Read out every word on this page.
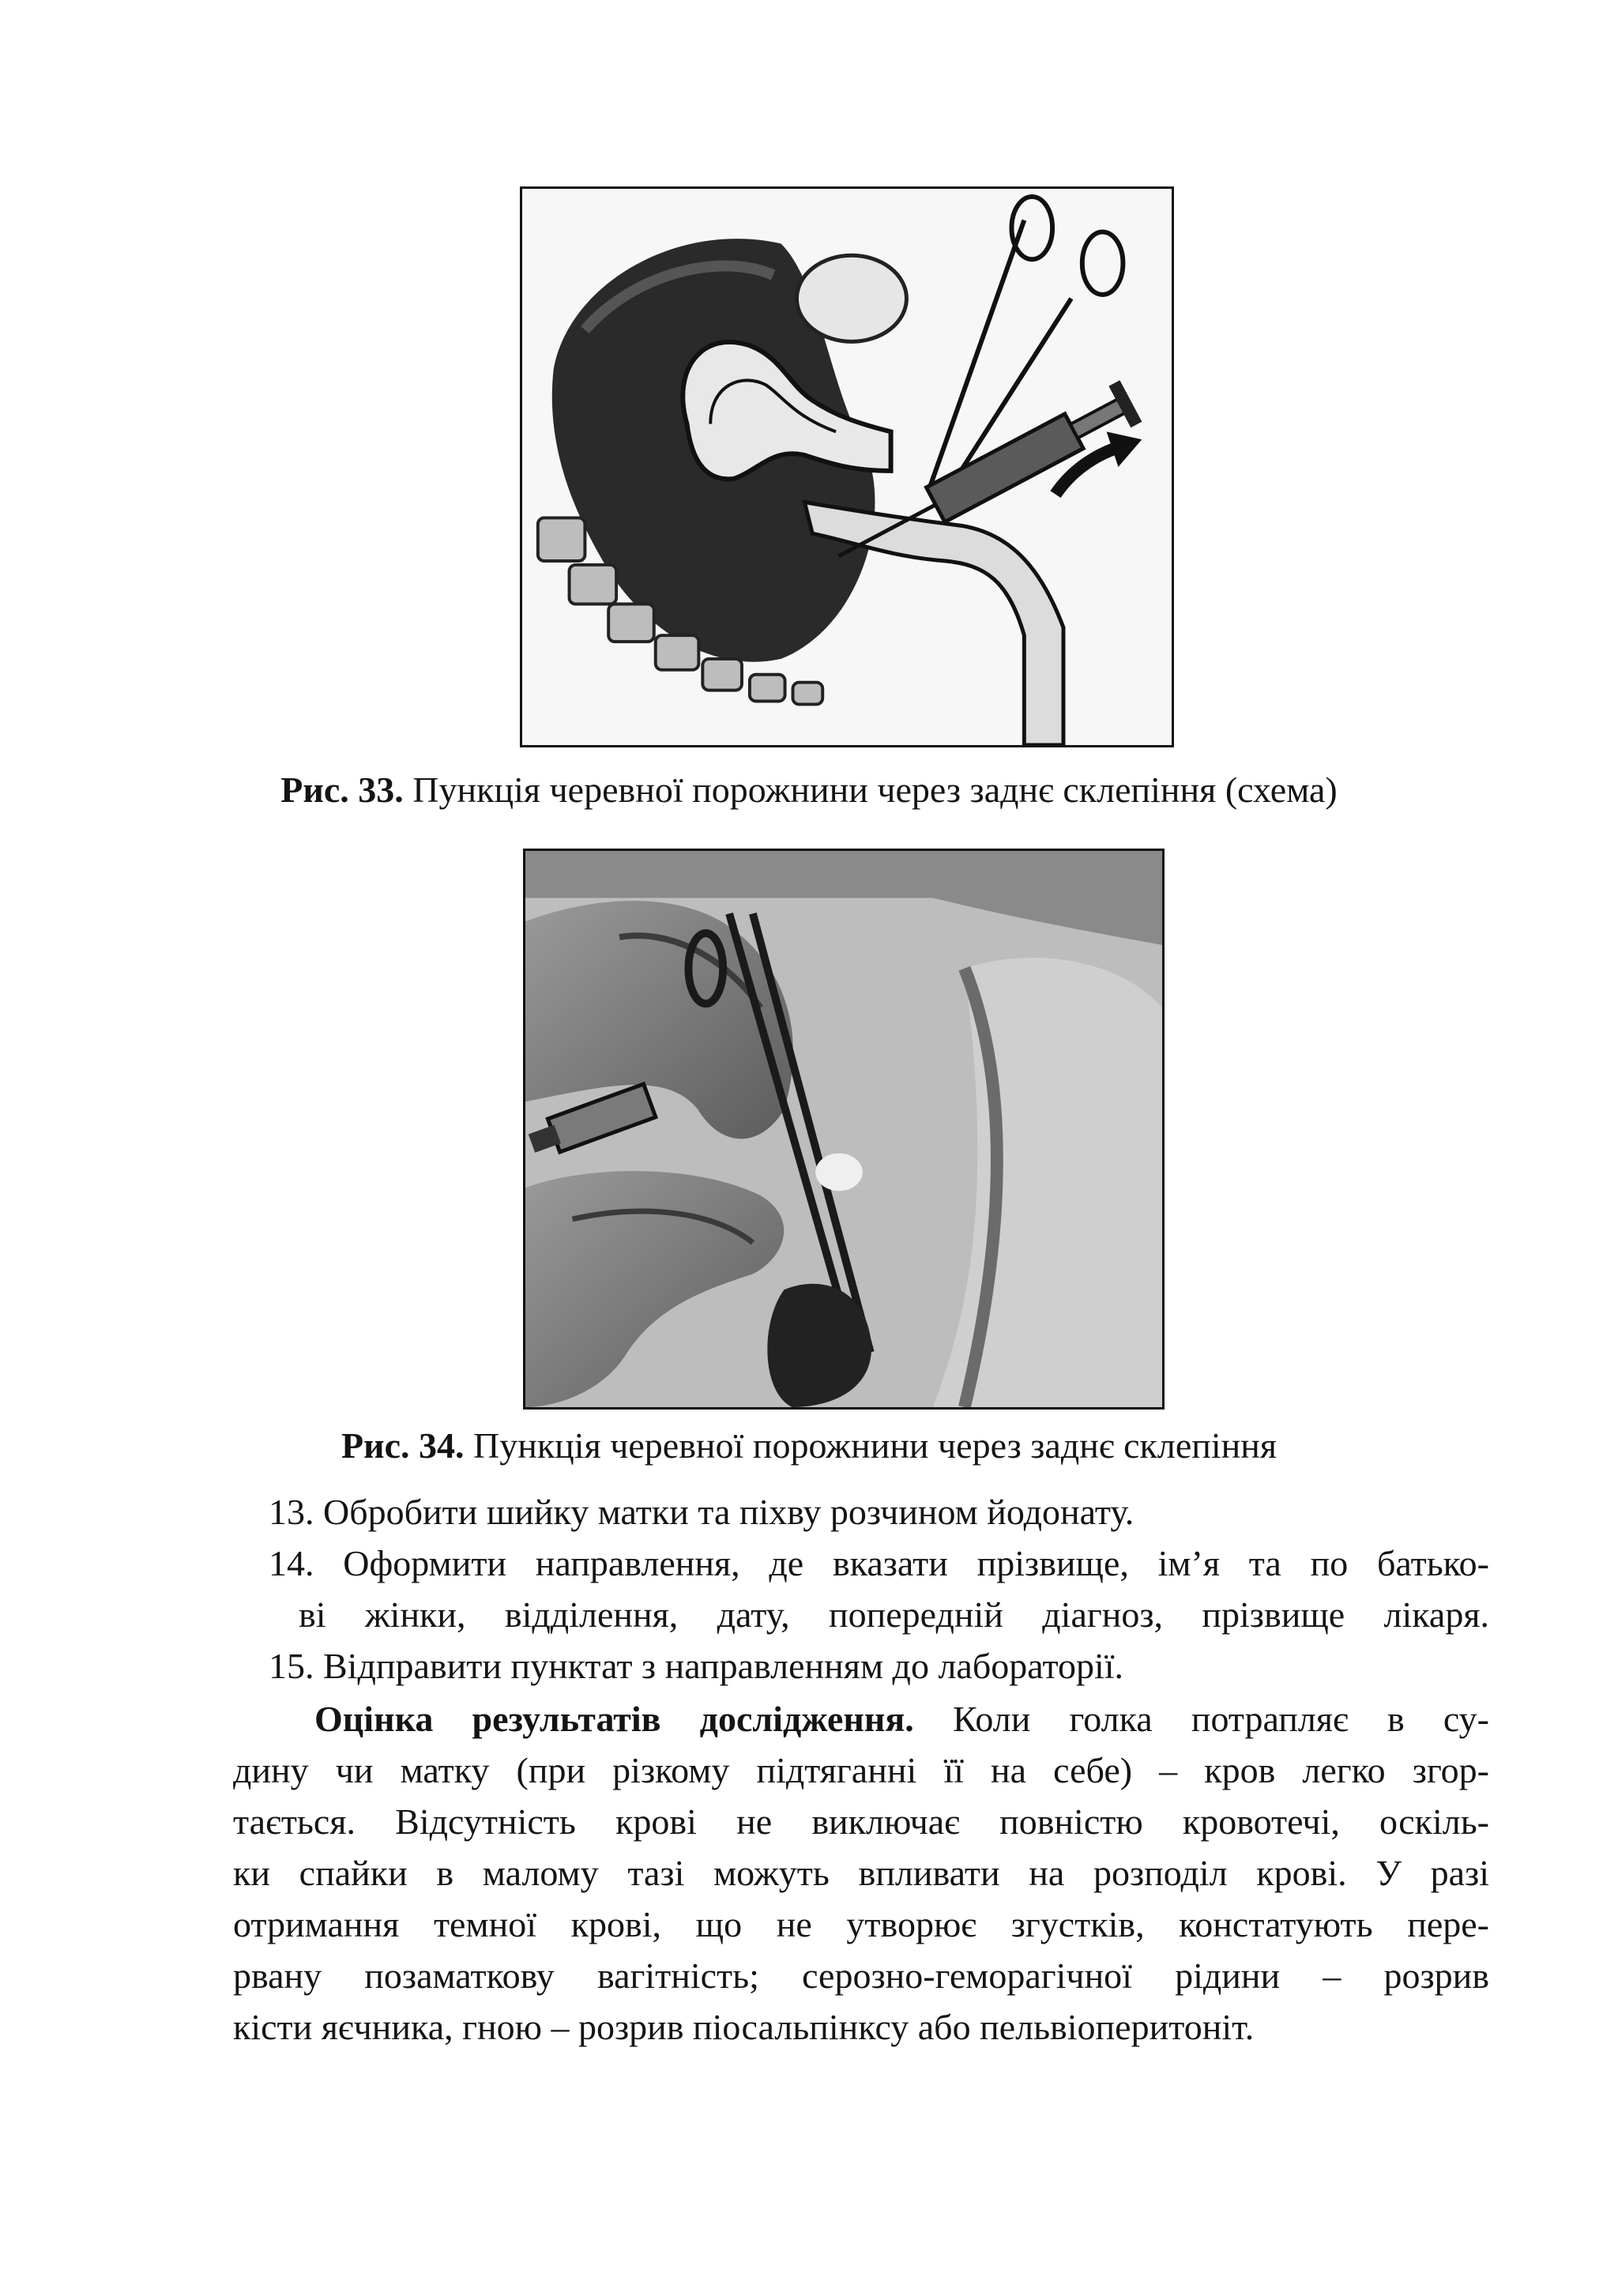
Рис. 33. Пункція черевної порожнини через заднє склепіння (схема)
Рис. 34. Пункція черевної порожнини через заднє склепіння
13. Обробити шийку матки та піхву розчином йодонату.
14. Оформити направлення, де вказати прізвище, ім’я та по батько-
ві жінки, відділення, дату, попередній діагноз, прізвище лікаря.
15. Відправити пунктат з направленням до лабораторії.
Оцінка результатів дослідження. Коли голка потрапляє в су-
дину чи матку (при різкому підтяганні її на себе) – кров легко згор-
тається. Відсутність крові не виключає повністю кровотечі, оскіль-
ки спайки в малому тазі можуть впливати на розподіл крові. У разі
отримання темної крові, що не утворює згустків, констатують пере-
рвану позаматкову вагітність; серозно-геморагічної рідини – розрив
кісти яєчника, гною – розрив піосальпінксу або пельвіоперитоніт.
